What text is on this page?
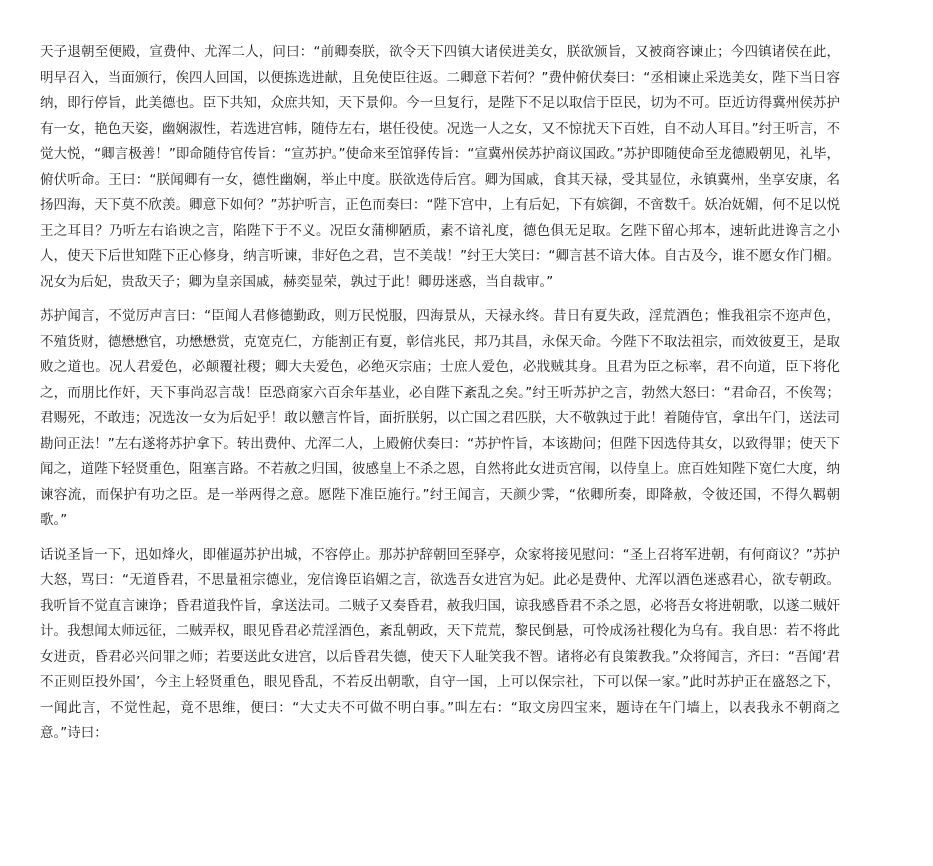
天子退朝至便殿，宣费仲、尤浑二人，问曰：“前卿奏朕，欲令天下四镇大诸侯进美女，朕欲颁旨，又被商容谏止；今四镇诸侯在此，明早召入，当面颁行，俟四人回国，以便拣选进献，且免使臣往返。二卿意下若何？”费仲俯伏奏曰：“丞相谏止采选美女，陛下当日容纳，即行停旨，此美德也。臣下共知，众庶共知，天下景仰。今一旦复行，是陛下不足以取信于臣民，切为不可。臣近访得冀州侯苏护有一女，艳色天姿，幽娴淑性，若选进宫帏，随侍左右，堪任役使。况选一人之女，又不惊扰天下百姓，自不动人耳目。”纣王听言，不觉大悦，“卿言极善！”即命随侍官传旨：“宣苏护。”使命来至馆驿传旨：“宣冀州侯苏护商议国政。”苏护即随使命至龙德殿朝见，礼毕，俯伏听命。王曰：“朕闻卿有一女，德性幽娴，举止中度。朕欲选侍后宫。卿为国戚，食其天禄，受其显位，永镇冀州，坐享安康，名扬四海，天下莫不欣羡。卿意下如何？”苏护听言，正色而奏曰：“陛下宫中，上有后妃，下有嫔御，不啻数千。妖冶妩媚，何不足以悦王之耳目？乃听左右谄谀之言，陷陛下于不义。况臣女蒲柳陋质，素不谙礼度，德色俱无足取。乞陛下留心邦本，速斩此进谗言之小人，使天下后世知陛下正心修身，纳言听谏，非好色之君，岂不美哉！”纣王大笑曰：“卿言甚不谙大体。自古及今，谁不愿女作门楣。况女为后妃，贵敌天子；卿为皇亲国戚，赫奕显荣，孰过于此！卿毋迷惑，当自裁审。”

苏护闻言，不觉厉声言曰：“臣闻人君修德勤政，则万民悦服，四海景从，天禄永终。昔日有夏失政，淫荒酒色；惟我祖宗不迩声色，不殖货财，德懋懋官，功懋懋赏，克宽克仁，方能割正有夏，彰信兆民，邦乃其昌，永保天命。今陛下不取法祖宗，而效彼夏王，是取败之道也。况人君爱色，必颠覆社稷；卿大夫爱色，必绝灭宗庙；士庶人爱色，必戕贼其身。且君为臣之标率，君不向道，臣下将化之，而朋比作奸，天下事尚忍言哉！臣恐商家六百余年基业，必自陛下紊乱之矣。”纣王听苏护之言，勃然大怒曰：“君命召，不俟驾；君赐死，不敢违；况选汝一女为后妃乎！敢以戆言忤旨，面折朕躬，以亡国之君匹朕，大不敬孰过于此！着随侍官，拿出午门，送法司勘问正法！”左右遂将苏护拿下。转出费仲、尤浑二人，上殿俯伏奏曰：“苏护忤旨，本该勘问；但陛下因选侍其女，以致得罪；使天下闻之，道陛下轻贤重色，阻塞言路。不若赦之归国，彼感皇上不杀之恩，自然将此女进贡宫闱，以侍皇上。庶百姓知陛下宽仁大度，纳谏容流，而保护有功之臣。是一举两得之意。愿陛下准臣施行。”纣王闻言，天颜少霁，“依卿所奏，即降赦，令彼还国，不得久羁朝歌。”

话说圣旨一下，迅如烽火，即催逼苏护出城，不容停止。那苏护辞朝回至驿亭，众家将接见慰问：“圣上召将军进朝，有何商议？”苏护大怒，骂曰：“无道昏君，不思量祖宗德业，宠信谗臣谄媚之言，欲选吾女进宫为妃。此必是费仲、尤浑以酒色迷惑君心，欲专朝政。我听旨不觉直言谏诤；昏君道我忤旨，拿送法司。二贼子又奏昏君，赦我归国，谅我感昏君不杀之恩，必将吾女将进朝歌，以遂二贼奸计。我想闻太师远征，二贼弄权，眼见昏君必荒淫酒色，紊乱朝政，天下荒荒，黎民倒悬，可怜成汤社稷化为乌有。我自思：若不将此女进贡，昏君必兴问罪之师；若要送此女进宫，以后昏君失德，使天下人耻笑我不智。诸将必有良策教我。”众将闻言，齐曰：“吾闻‘君不正则臣投外国’，今主上轻贤重色，眼见昏乱，不若反出朝歌，自守一国，上可以保宗社，下可以保一家。”此时苏护正在盛怒之下，一闻此言，不觉性起，竟不思维，便曰：“大丈夫不可做不明白事。”叫左右：“取文房四宝来，题诗在午门墙上，以表我永不朝商之意。”诗曰：
